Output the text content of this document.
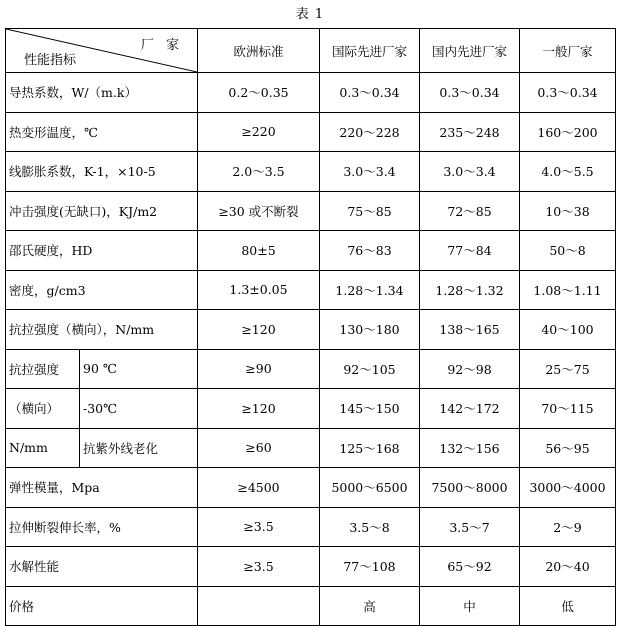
表 1
厂 家
性能指标		欧洲标准	国际先进厂家	国内先进厂家	一般厂家
导热系数，W/（m.k）		0.2～0.35	0.3～0.34	0.3～0.34	0.3～0.34
热变形温度，℃		≥220	220～228	235～248	160～200
线膨胀系数，K-1，×10-5		2.0～3.5	3.0～3.4	3.0～3.4	4.0～5.5
冲击强度(无缺口)，KJ/m2		≥30 或不断裂	75～85	72～85	10～38
邵氏硬度，HD		80±5	76～83	77～84	50～8
密度，g/cm3		1.3±0.05	1.28～1.34	1.28～1.32	1.08～1.11
抗拉强度（横向），N/mm		≥120	130～180	138～165	40～100
抗拉强度	90 ℃	≥90	92～105	92～98	25～75
（横向）	-30℃	≥120	145～150	142～172	70～115
N/mm	抗紫外线老化	≥60	125～168	132～156	56～95
弹性模量，Mpa		≥4500	5000～6500	7500～8000	3000～4000
拉伸断裂伸长率，%		≥3.5	3.5～8	3.5～7	2～9
水解性能		≥3.5	77～108	65～92	20～40
价格			高	中	低
